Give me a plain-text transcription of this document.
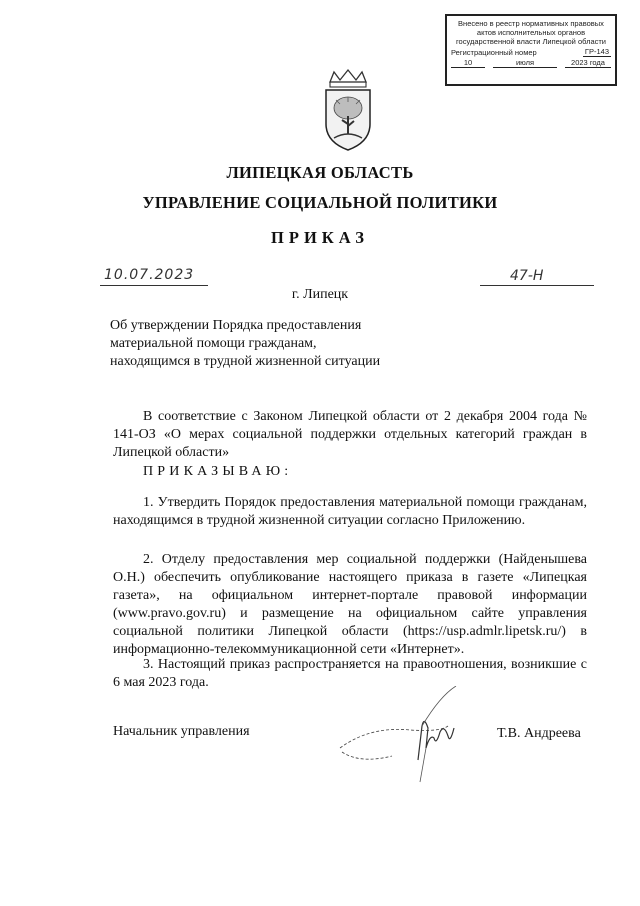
Внесено в реестр нормативных правовых
актов исполнительных органов
государственной власти Липецкой области
Регистрационный номер	ГР-143
10	июля	2023 года
ЛИПЕЦКАЯ ОБЛАСТЬ
УПРАВЛЕНИЕ СОЦИАЛЬНОЙ ПОЛИТИКИ
ПРИКАЗ
10.07.2023	47-Н
г. Липецк
Об утверждении Порядка предоставления
материальной помощи гражданам,
находящимся в трудной жизненной ситуации
В соответствие с Законом Липецкой области от 2 декабря 2004 года № 141-ОЗ «О мерах социальной поддержки отдельных категорий граждан в Липецкой области»
ПРИКАЗЫВАЮ:
1. Утвердить Порядок предоставления материальной помощи гражданам, находящимся в трудной жизненной ситуации согласно Приложению.
2. Отделу предоставления мер социальной поддержки (Найденышева О.Н.) обеспечить опубликование настоящего приказа в газете «Липецкая газета», на официальном интернет-портале правовой информации (www.pravo.gov.ru) и размещение на официальном сайте управления социальной политики Липецкой области (https://usp.admlr.lipetsk.ru/) в информационно-телекоммуникационной сети «Интернет».
3. Настоящий приказ распространяется на правоотношения, возникшие с 6 мая 2023 года.
Начальник управления	Т.В. Андреева
